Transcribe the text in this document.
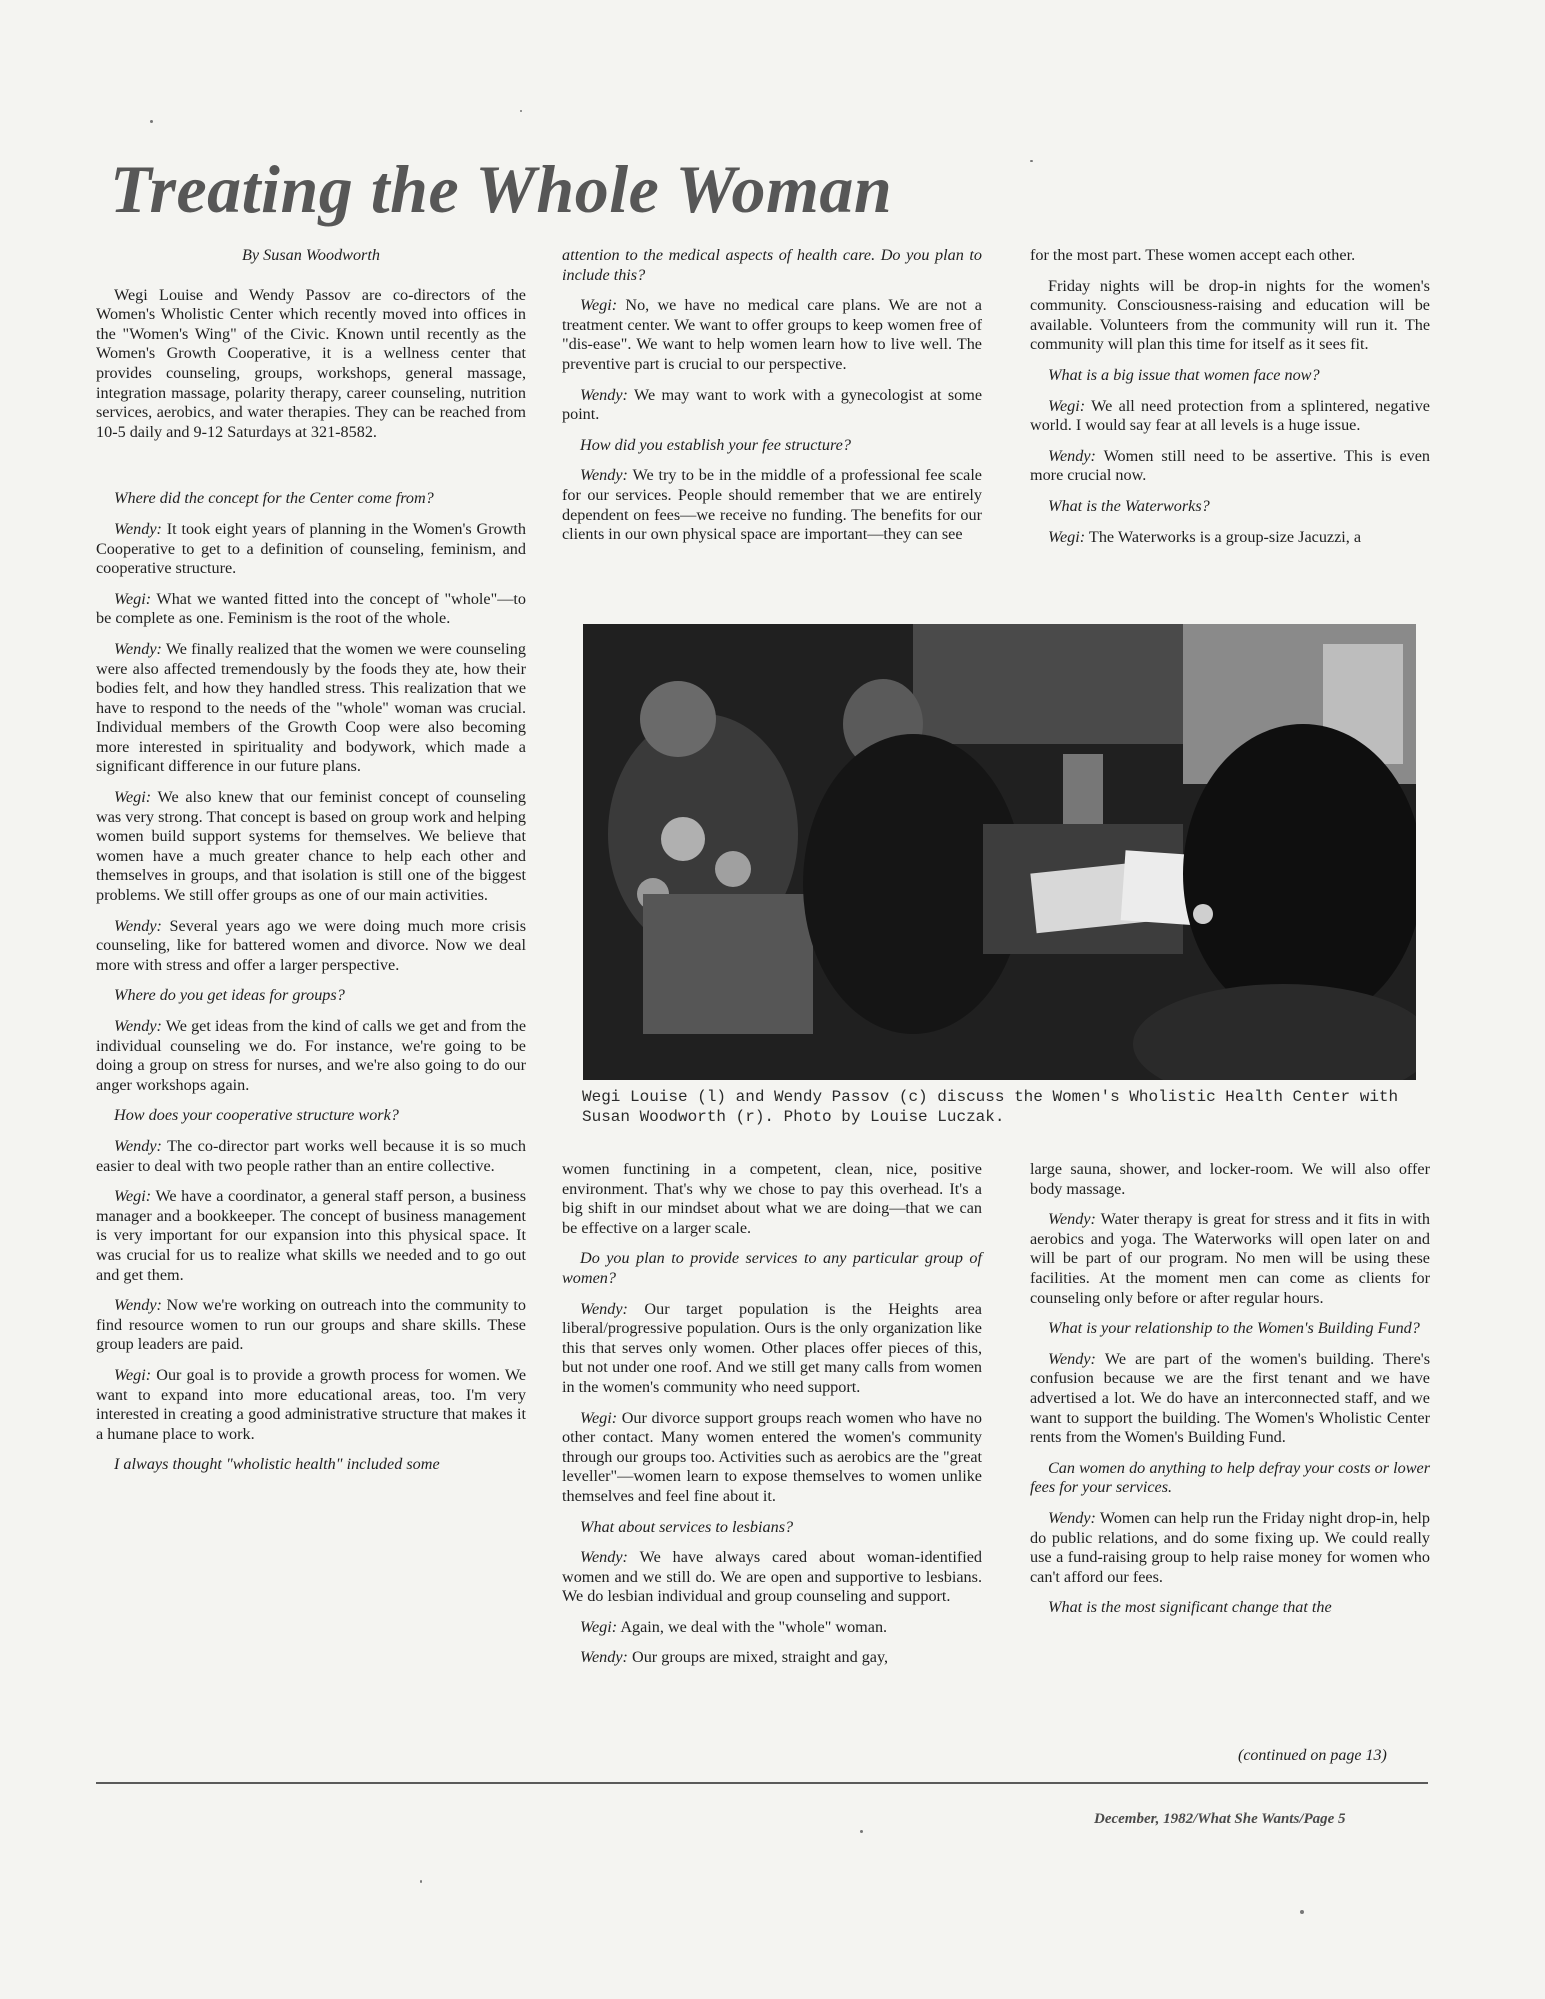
Treating the Whole Woman

By Susan Woodworth

Wegi Louise and Wendy Passov are co-directors of the Women's Wholistic Center which recently moved into offices in the "Women's Wing" of the Civic. Known until recently as the Women's Growth Cooperative, it is a wellness center that provides counseling, groups, workshops, general massage, integration massage, polarity therapy, career counseling, nutrition services, aerobics, and water therapies. They can be reached from 10-5 daily and 9-12 Saturdays at 321-8582.

Where did the concept for the Center come from?

Wendy: It took eight years of planning in the Women's Growth Cooperative to get to a definition of counseling, feminism, and cooperative structure.

Wegi: What we wanted fitted into the concept of "whole"—to be complete as one. Feminism is the root of the whole.

Wendy: We finally realized that the women we were counseling were also affected tremendously by the foods they ate, how their bodies felt, and how they handled stress. This realization that we have to respond to the needs of the "whole" woman was crucial. Individual members of the Growth Coop were also becoming more interested in spirituality and bodywork, which made a significant difference in our future plans.

Wegi: We also knew that our feminist concept of counseling was very strong. That concept is based on group work and helping women build support systems for themselves. We believe that women have a much greater chance to help each other and themselves in groups, and that isolation is still one of the biggest problems. We still offer groups as one of our main activities.

Wendy: Several years ago we were doing much more crisis counseling, like for battered women and divorce. Now we deal more with stress and offer a larger perspective.

Where do you get ideas for groups?

Wendy: We get ideas from the kind of calls we get and from the individual counseling we do. For instance, we're going to be doing a group on stress for nurses, and we're also going to do our anger workshops again.

How does your cooperative structure work?

Wendy: The co-director part works well because it is so much easier to deal with two people rather than an entire collective.

Wegi: We have a coordinator, a general staff person, a business manager and a bookkeeper. The concept of business management is very important for our expansion into this physical space. It was crucial for us to realize what skills we needed and to go out and get them.

Wendy: Now we're working on outreach into the community to find resource women to run our groups and share skills. These group leaders are paid.

Wegi: Our goal is to provide a growth process for women. We want to expand into more educational areas, too. I'm very interested in creating a good administrative structure that makes it a humane place to work.

I always thought "wholistic health" included some

attention to the medical aspects of health care. Do you plan to include this?

Wegi: No, we have no medical care plans. We are not a treatment center. We want to offer groups to keep women free of "dis-ease". We want to help women learn how to live well. The preventive part is crucial to our perspective.

Wendy: We may want to work with a gynecologist at some point.

How did you establish your fee structure?

Wendy: We try to be in the middle of a professional fee scale for our services. People should remember that we are entirely dependent on fees—we receive no funding. The benefits for our clients in our own physical space are important—they can see

for the most part. These women accept each other.

Friday nights will be drop-in nights for the women's community. Consciousness-raising and education will be available. Volunteers from the community will run it. The community will plan this time for itself as it sees fit.

What is a big issue that women face now?

Wegi: We all need protection from a splintered, negative world. I would say fear at all levels is a huge issue.

Wendy: Women still need to be assertive. This is even more crucial now.

What is the Waterworks?

Wegi: The Waterworks is a group-size Jacuzzi, a

Wegi Louise (l) and Wendy Passov (c) discuss the Women's Wholistic Health Center with Susan Woodworth (r). Photo by Louise Luczak.

women functining in a competent, clean, nice, positive environment. That's why we chose to pay this overhead. It's a big shift in our mindset about what we are doing—that we can be effective on a larger scale.

Do you plan to provide services to any particular group of women?

Wendy: Our target population is the Heights area liberal/progressive population. Ours is the only organization like this that serves only women. Other places offer pieces of this, but not under one roof. And we still get many calls from women in the women's community who need support.

Wegi: Our divorce support groups reach women who have no other contact. Many women entered the women's community through our groups too. Activities such as aerobics are the "great leveller"—women learn to expose themselves to women unlike themselves and feel fine about it.

What about services to lesbians?

Wendy: We have always cared about woman-identified women and we still do. We are open and supportive to lesbians. We do lesbian individual and group counseling and support.

Wegi: Again, we deal with the "whole" woman.

Wendy: Our groups are mixed, straight and gay,

large sauna, shower, and locker-room. We will also offer body massage.

Wendy: Water therapy is great for stress and it fits in with aerobics and yoga. The Waterworks will open later on and will be part of our program. No men will be using these facilities. At the moment men can come as clients for counseling only before or after regular hours.

What is your relationship to the Women's Building Fund?

Wendy: We are part of the women's building. There's confusion because we are the first tenant and we have advertised a lot. We do have an interconnected staff, and we want to support the building. The Women's Wholistic Center rents from the Women's Building Fund.

Can women do anything to help defray your costs or lower fees for your services.

Wendy: Women can help run the Friday night drop-in, help do public relations, and do some fixing up. We could really use a fund-raising group to help raise money for women who can't afford our fees.

What is the most significant change that the

(continued on page 13)
December, 1982/What She Wants/Page 5
